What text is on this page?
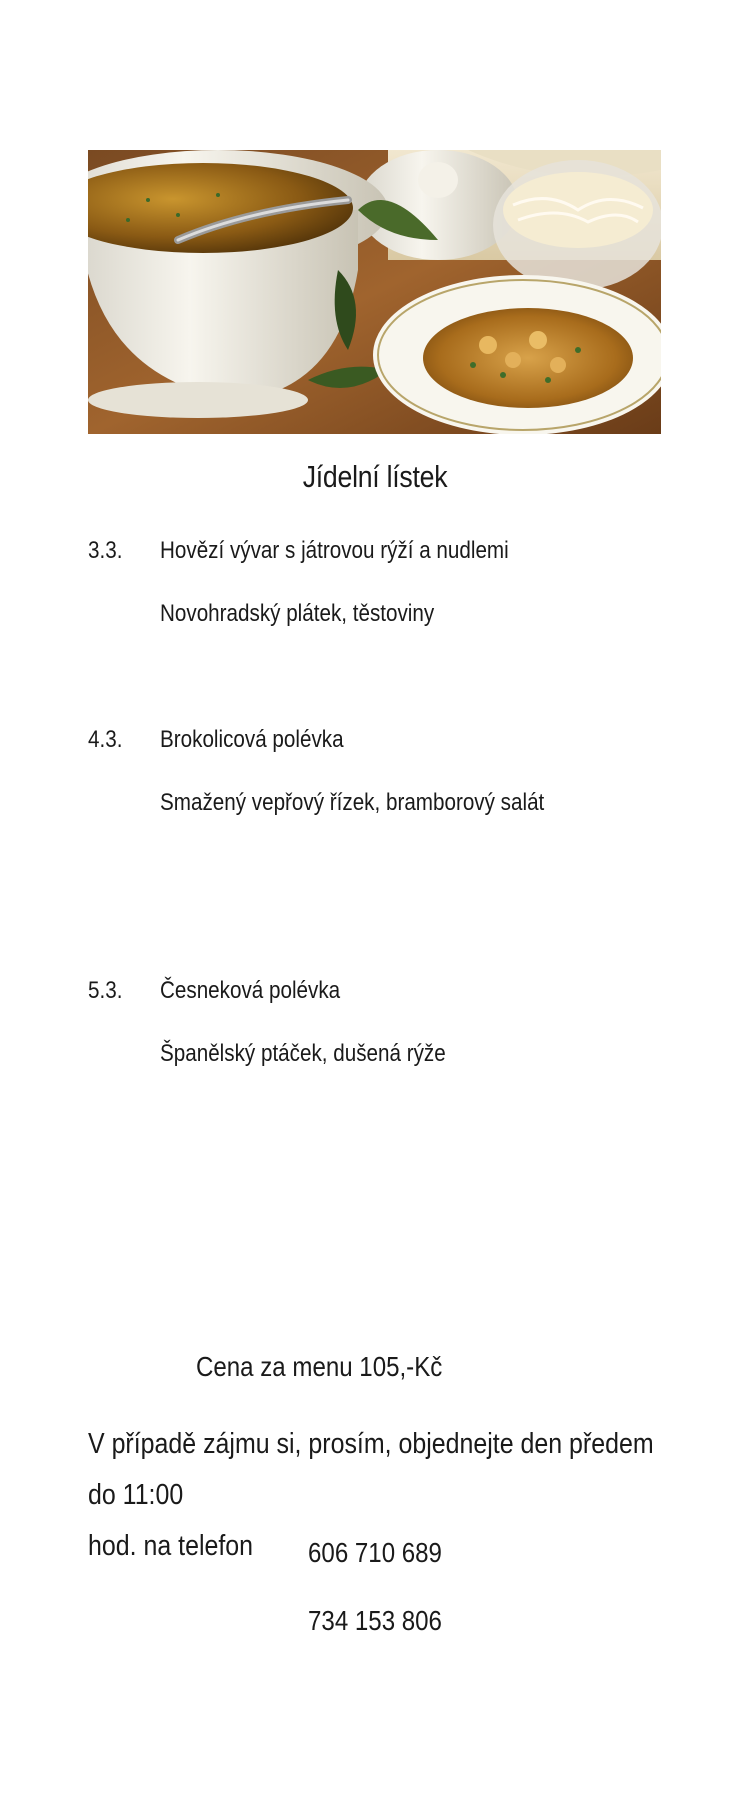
Jídelní lístek
3.3. Hovězí vývar s játrovou rýží a nudlemi
Novohradský plátek, těstoviny
4.3. Brokolicová polévka
Smažený vepřový řízek, bramborový salát
5.3. Česneková polévka
Španělský ptáček, dušená rýže
Cena za menu 105,-Kč
V případě zájmu si, prosím, objednejte den předem do 11:00
hod. na telefon	606 710 689
734 153 806
